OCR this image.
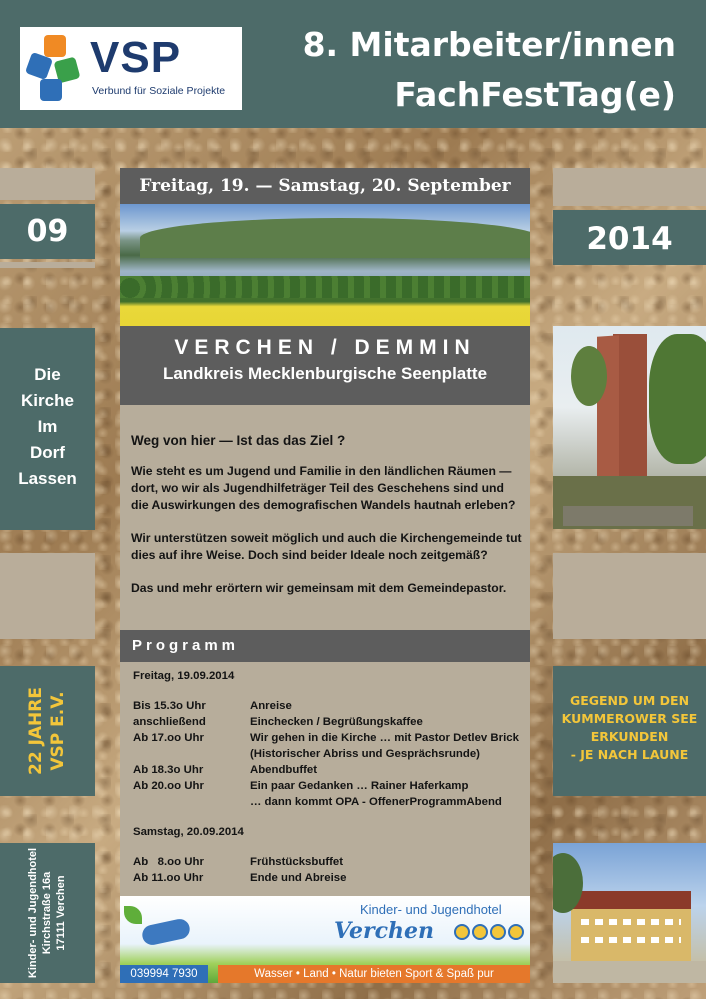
VSP
Verbund für Soziale Projekte
8. Mitarbeiter/innen
FachFestTag(e)
09
Die
Kirche
Im
Dorf
Lassen
22 JAHRE VSP E.V.
Kinder- und Jugendhotel Kirchstraße 16a 17111 Verchen
2014
GEGEND UM DEN
KUMMEROWER SEE
ERKUNDEN
- JE NACH LAUNE
Freitag, 19. — Samstag, 20. September
VERCHEN / DEMMIN
Landkreis Mecklenburgische Seenplatte
Weg von hier — Ist das das Ziel ?
Wie steht es um Jugend und Familie in den ländlichen Räumen — dort, wo wir als Jugendhilfeträger Teil des Geschehens sind und die Auswirkungen des demografischen Wandels hautnah erleben?
Wir unterstützen soweit möglich und auch die Kirchengemeinde tut dies auf ihre Weise. Doch sind beider Ideale noch zeitgemäß?
Das und mehr erörtern wir gemeinsam mit dem Gemeindepastor.
Programm
Freitag, 19.09.2014
Bis 15.3o Uhr	Anreise
anschließend	Einchecken / Begrüßungskaffee
Ab 17.oo Uhr	Wir gehen in die Kirche … mit Pastor Detlev Brick
(Historischer Abriss und Gesprächsrunde)
Ab 18.3o Uhr	Abendbuffet
Ab 20.oo Uhr	Ein paar Gedanken … Rainer Haferkamp
… dann kommt OPA - OffenerProgrammAbend
Samstag, 20.09.2014
Ab   8.oo Uhr	Frühstücksbuffet
Ab 11.oo Uhr	Ende und Abreise
Kinder- und Jugendhotel
Verchen
039994 7930	Wasser • Land • Natur bieten Sport & Spaß pur
